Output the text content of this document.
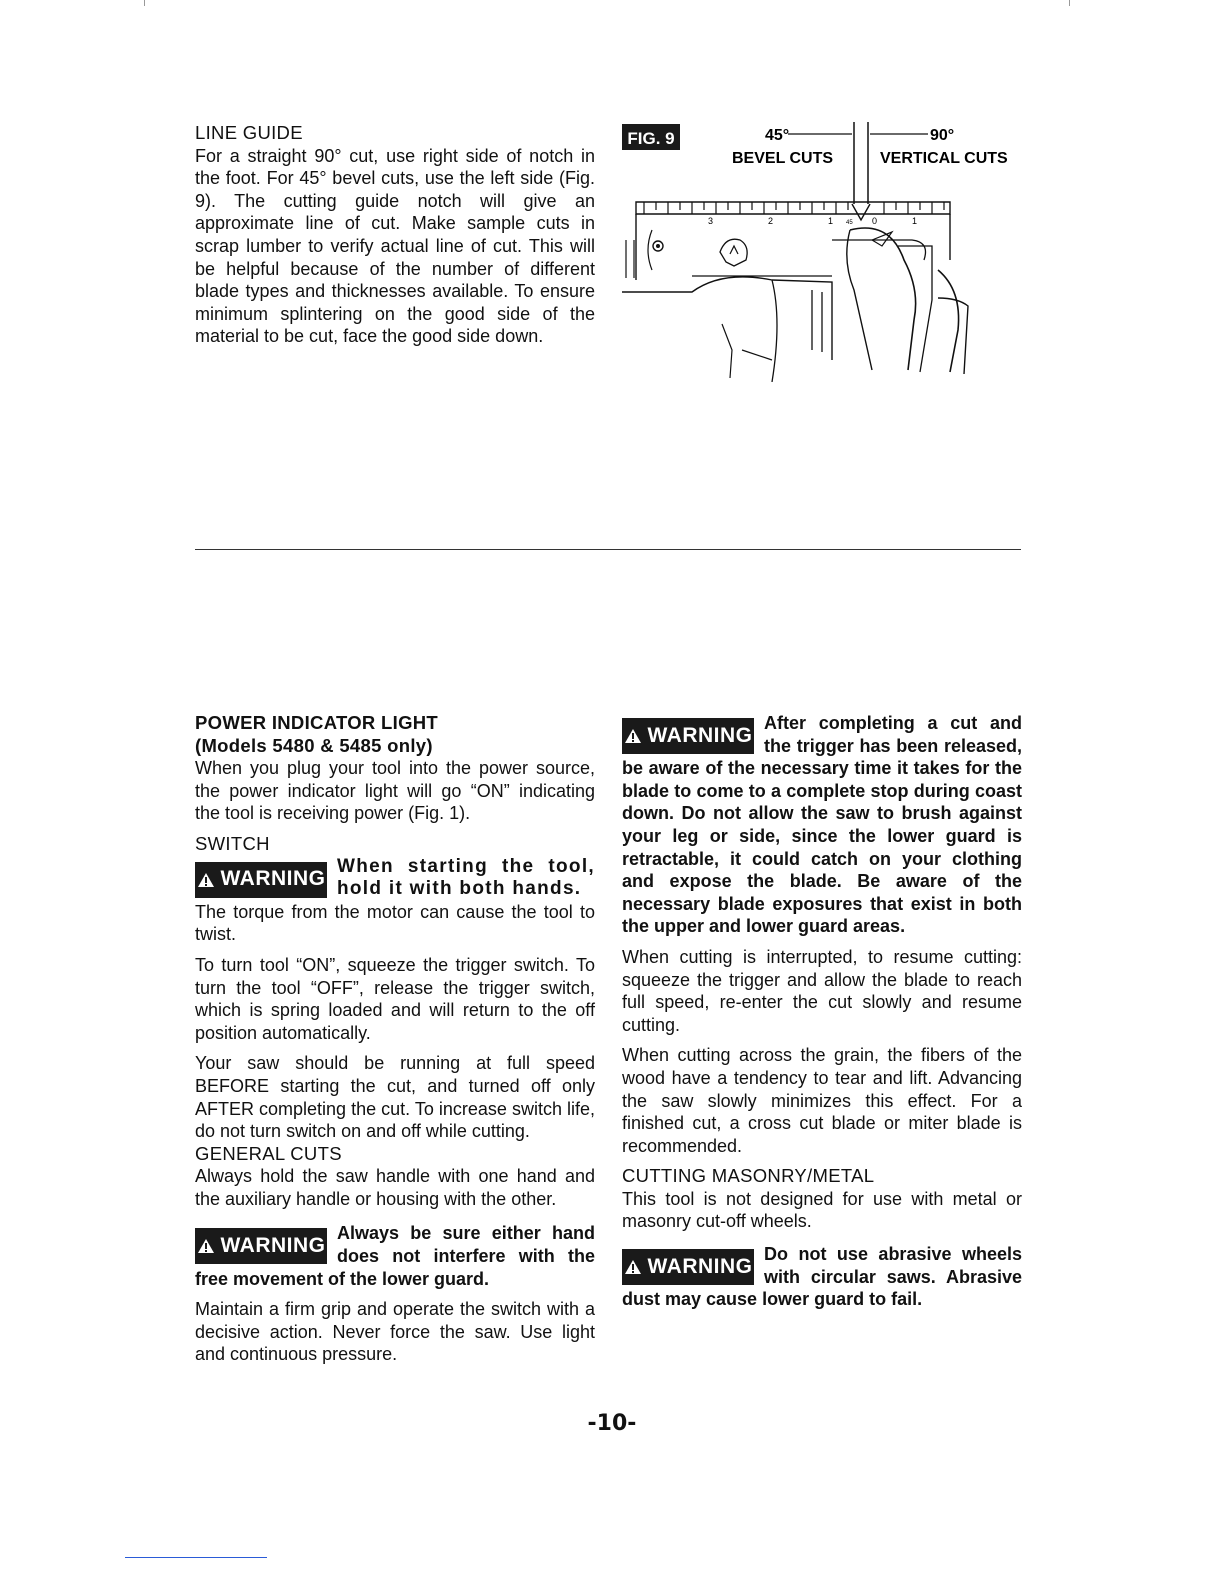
LINE GUIDE

For a straight 90° cut, use right side of notch in the foot. For 45° bevel cuts, use the left side (Fig. 9). The cutting guide notch will give an approximate line of cut. Make sample cuts in scrap lumber to verify actual line of cut. This will be helpful because of the number of different blade types and thicknesses available. To ensure minimum splintering on the good side of the material to be cut, face the good side down.

FIG. 9	45°
BEVEL CUTS
90°
VERTICAL CUTS
3	2	1 45 0	1

POWER INDICATOR LIGHT

(Models 5480 & 5485 only)

When you plug your tool into the power source, the power indicator light will go “ON” indicating the tool is receiving power (Fig. 1).

SWITCH

WARNING

When starting the tool, hold it with both hands.

The torque from the motor can cause the tool to twist.

To turn tool “ON”, squeeze the trigger switch. To turn the tool “OFF”, release the trigger switch, which is spring loaded and will return to the off position automatically.

Your saw should be running at full speed BEFORE starting the cut, and turned off only AFTER completing the cut. To increase switch life, do not turn switch on and off while cutting.

GENERAL CUTS

Always hold the saw handle with one hand and the auxiliary handle or housing with the other.

WARNING

Always be sure either hand does not interfere with the free movement of the lower guard.

Maintain a firm grip and operate the switch with a decisive action. Never force the saw. Use light and continuous pressure.

WARNING

After completing a cut and the trigger has been released, be aware of the necessary time it takes for the blade to come to a complete stop during coast down. Do not allow the saw to brush against your leg or side, since the lower guard is retractable, it could catch on your clothing and expose the blade. Be aware of the necessary blade exposures that exist in both the upper and lower guard areas.

When cutting is interrupted, to resume cutting: squeeze the trigger and allow the blade to reach full speed, re-enter the cut slowly and resume cutting.

When cutting across the grain, the fibers of the wood have a tendency to tear and lift. Advancing the saw slowly minimizes this effect. For a finished cut, a cross cut blade or miter blade is recommended.

CUTTING MASONRY/METAL

This tool is not designed for use with metal or masonry cut-off wheels.

WARNING

Do not use abrasive wheels with circular saws. Abrasive dust may cause lower guard to fail.

-10-
